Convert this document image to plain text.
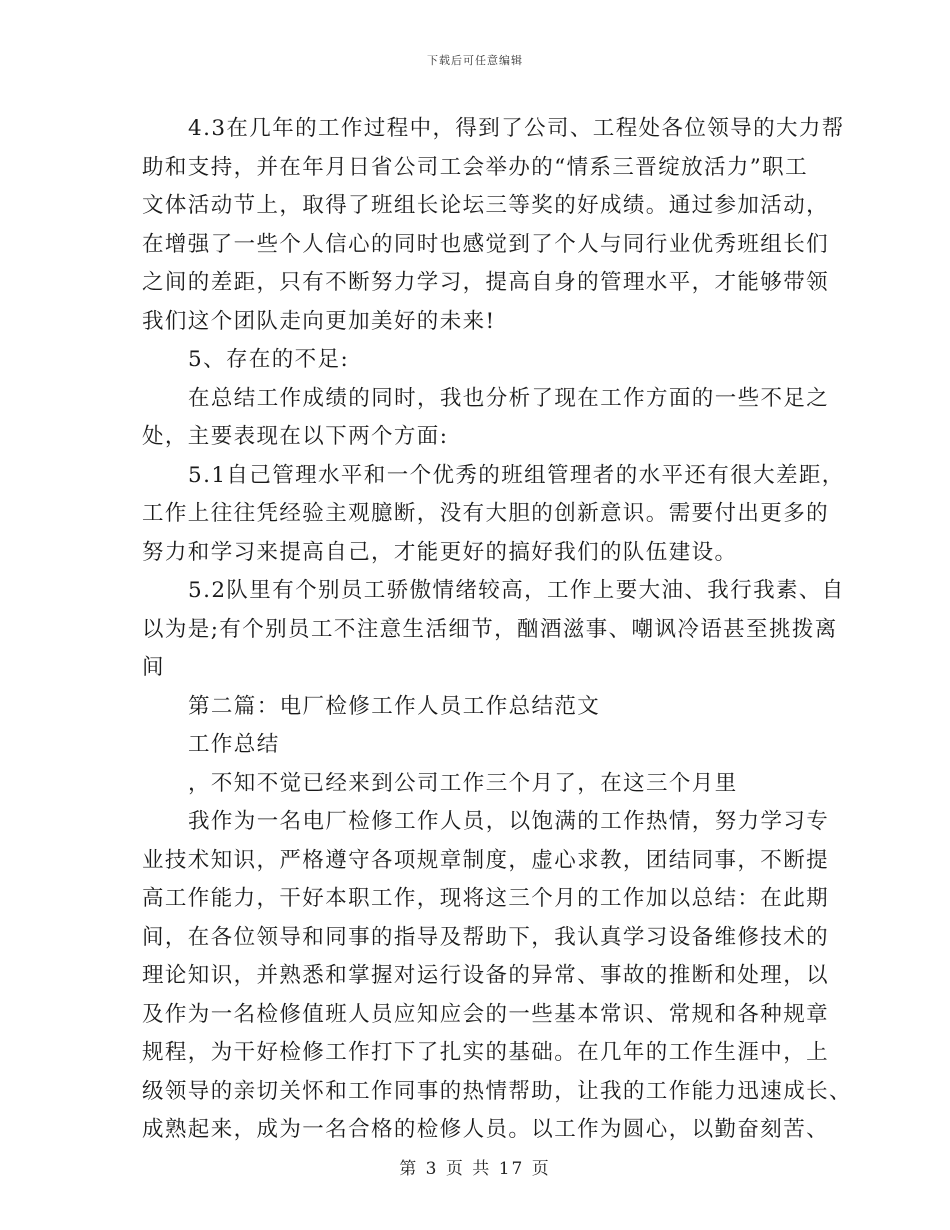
下载后可任意编辑
4.3在几年的工作过程中，得到了公司、工程处各位领导的大力帮
助和支持，并在年月日省公司工会举办的“情系三晋绽放活力”职工
文体活动节上，取得了班组长论坛三等奖的好成绩。通过参加活动，
在增强了一些个人信心的同时也感觉到了个人与同行业优秀班组长们
之间的差距，只有不断努力学习，提高自身的管理水平，才能够带领
我们这个团队走向更加美好的未来!
5、存在的不足:
在总结工作成绩的同时，我也分析了现在工作方面的一些不足之
处，主要表现在以下两个方面:
5.1自己管理水平和一个优秀的班组管理者的水平还有很大差距，
工作上往往凭经验主观臆断，没有大胆的创新意识。需要付出更多的
努力和学习来提高自己，才能更好的搞好我们的队伍建设。
5.2队里有个别员工骄傲情绪较高，工作上要大油、我行我素、自
以为是;有个别员工不注意生活细节，酗酒滋事、嘲讽冷语甚至挑拨离
间
第二篇：电厂检修工作人员工作总结范文
工作总结
，不知不觉已经来到公司工作三个月了，在这三个月里
我作为一名电厂检修工作人员，以饱满的工作热情，努力学习专
业技术知识，严格遵守各项规章制度，虚心求教，团结同事，不断提
高工作能力，干好本职工作，现将这三个月的工作加以总结：在此期
间，在各位领导和同事的指导及帮助下，我认真学习设备维修技术的
理论知识，并熟悉和掌握对运行设备的异常、事故的推断和处理，以
及作为一名检修值班人员应知应会的一些基本常识、常规和各种规章
规程，为干好检修工作打下了扎实的基础。在几年的工作生涯中，上
级领导的亲切关怀和工作同事的热情帮助，让我的工作能力迅速成长、
成熟起来，成为一名合格的检修人员。以工作为圆心，以勤奋刻苦、
第 3 页 共 17 页
